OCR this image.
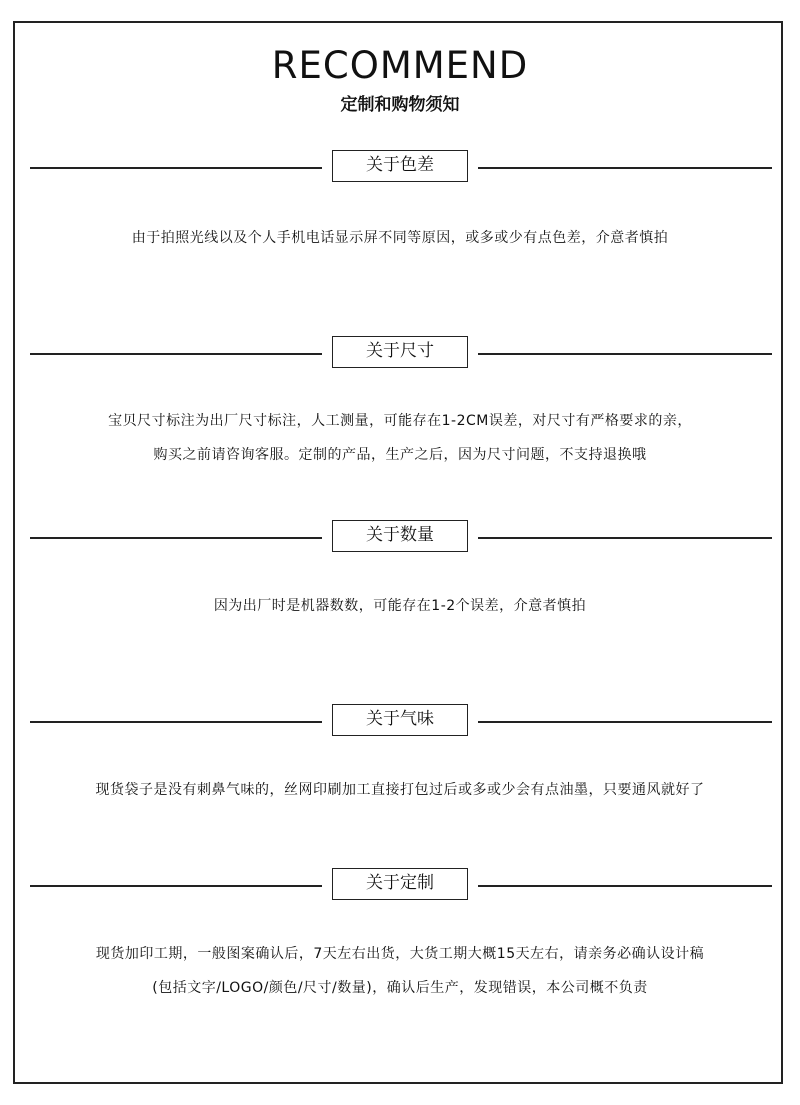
RECOMMEND
定制和购物须知
关于色差
由于拍照光线以及个人手机电话显示屏不同等原因，或多或少有点色差，介意者慎拍
关于尺寸
宝贝尺寸标注为出厂尺寸标注，人工测量，可能存在1-2CM误差，对尺寸有严格要求的亲，
购买之前请咨询客服。定制的产品，生产之后，因为尺寸问题，不支持退换哦
关于数量
因为出厂时是机器数数，可能存在1-2个误差，介意者慎拍
关于气味
现货袋子是没有刺鼻气味的，丝网印刷加工直接打包过后或多或少会有点油墨，只要通风就好了
关于定制
现货加印工期，一般图案确认后，7天左右出货，大货工期大概15天左右，请亲务必确认设计稿
(包括文字/LOGO/颜色/尺寸/数量)，确认后生产，发现错误，本公司概不负责
